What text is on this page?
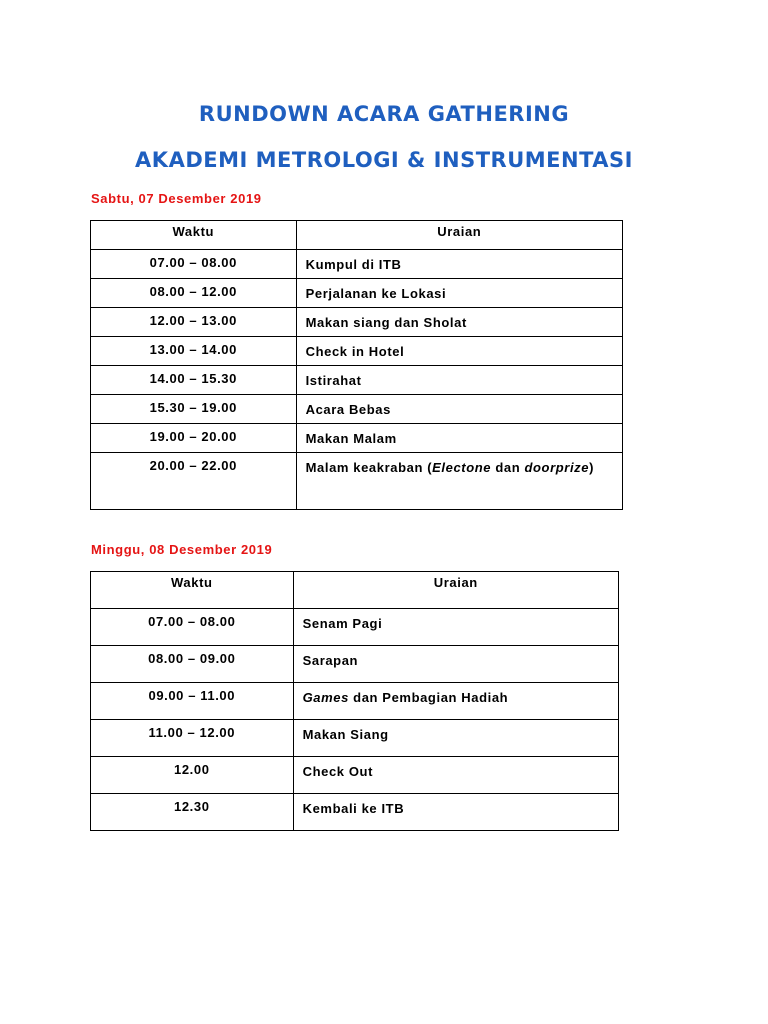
RUNDOWN ACARA GATHERING
AKADEMI METROLOGI & INSTRUMENTASI

Sabtu, 07 Desember 2019

Waktu	Uraian
07.00 – 08.00	Kumpul di ITB
08.00 – 12.00	Perjalanan ke Lokasi
12.00 – 13.00	Makan siang dan Sholat
13.00 – 14.00	Check in Hotel
14.00 – 15.30	Istirahat
15.30 – 19.00	Acara Bebas
19.00 – 20.00	Makan Malam
20.00 – 22.00	Malam keakraban (Electone dan doorprize)

Minggu, 08 Desember 2019

Waktu	Uraian
07.00 – 08.00	Senam Pagi
08.00 – 09.00	Sarapan
09.00 – 11.00	Games dan Pembagian Hadiah
11.00 – 12.00	Makan Siang
12.00	Check Out
12.30	Kembali ke ITB
